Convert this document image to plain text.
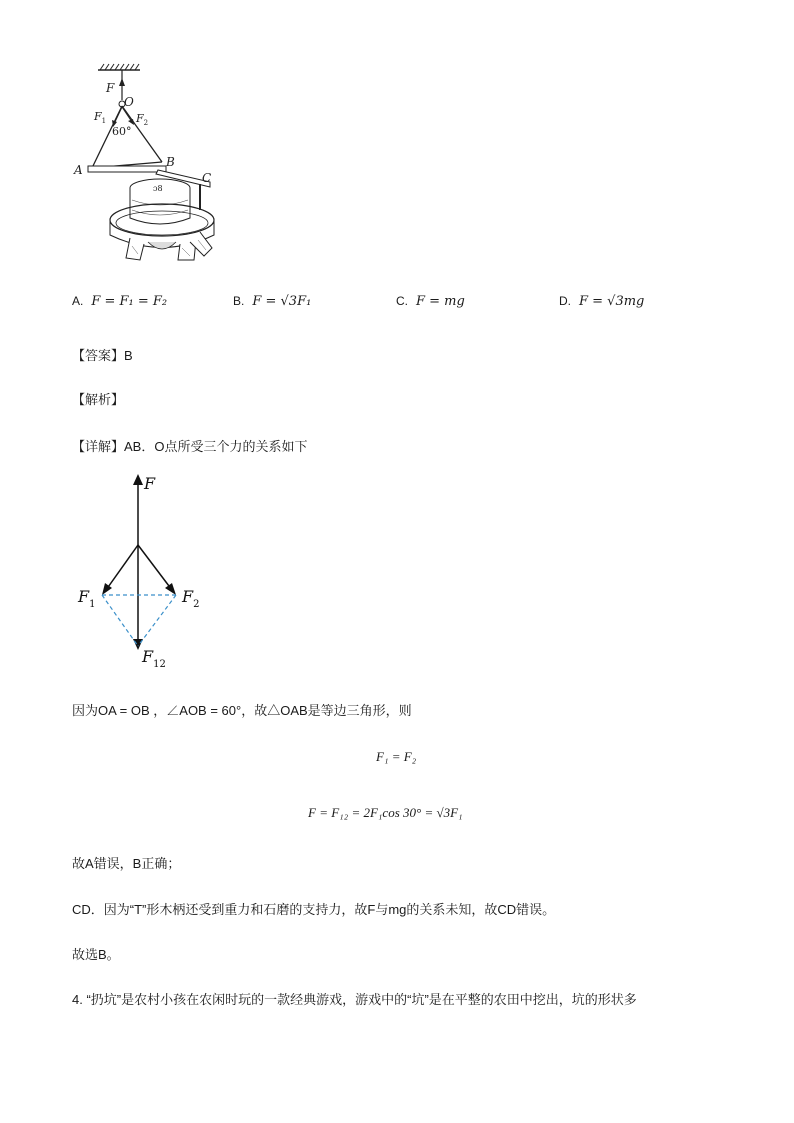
ɔ8
F
O
$F_1$	$F_2$
60°
A
B
C
A. F = F₁ = F₂	B. F = √3F₁	C. F = mg	D. F = √3mg
【答案】B
【解析】
【详解】AB．O点所受三个力的关系如下
F
$F_1$	$F_2$
$F_{12}$
因为OA = OB ，∠AOB = 60°，故△OAB是等边三角形，则
F₁ = F₂
F = F₁₂ = 2F₁cos 30° = √3F₁
故A错误，B正确；
CD．因为“T”形木柄还受到重力和石磨的支持力，故F与mg的关系未知，故CD错误。
故选B。
4. “扔坑”是农村小孩在农闲时玩的一款经典游戏，游戏中的“坑”是在平整的农田中挖出，坑的形状多
